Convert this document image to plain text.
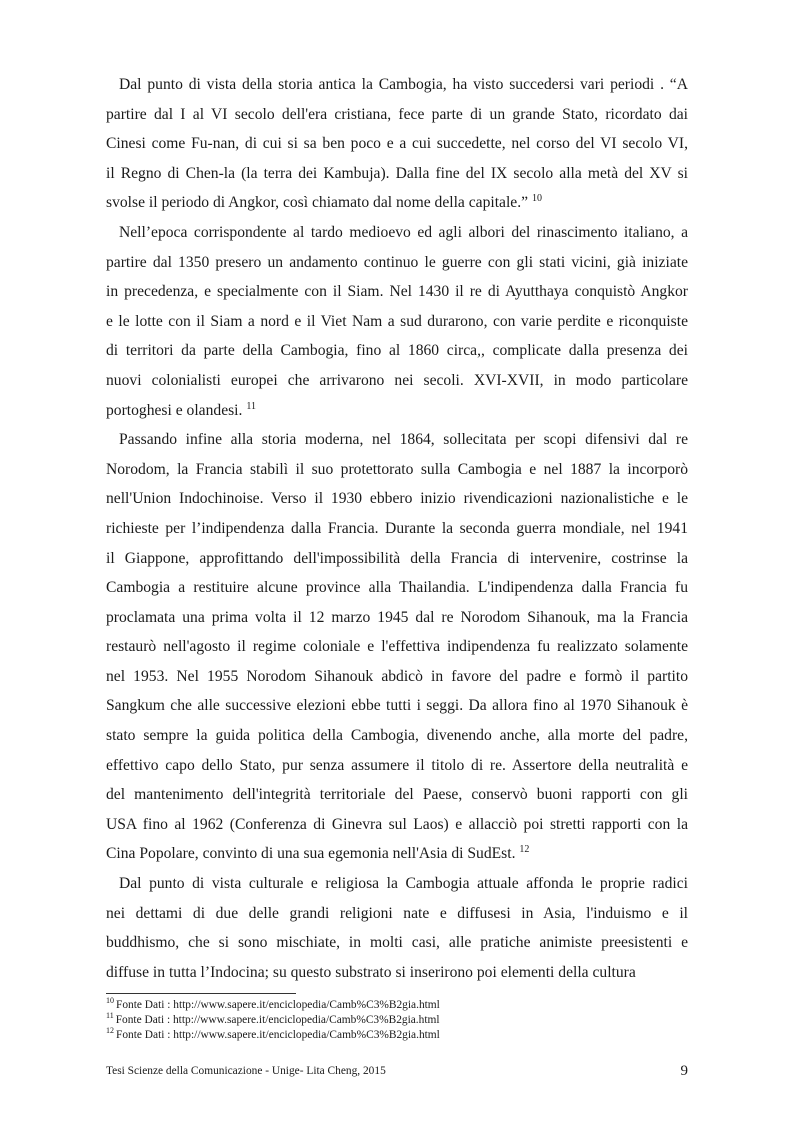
Dal punto di vista della storia antica la Cambogia, ha visto succedersi vari periodi . “A
partire dal I al VI secolo dell'era cristiana, fece parte di un grande Stato, ricordato dai
Cinesi come Fu-nan, di cui si sa ben poco e a cui succedette, nel corso del VI secolo VI,
il Regno di Chen-la (la terra dei Kambuja). Dalla fine del IX secolo alla metà del XV si
svolse il periodo di Angkor, così chiamato dal nome della capitale.” $^{10}$
Nell’epoca corrispondente al tardo medioevo ed agli albori del rinascimento italiano, a
partire dal 1350 presero un andamento continuo le guerre con gli stati vicini, già iniziate
in precedenza, e specialmente con il Siam. Nel 1430 il re di Ayutthaya conquistò Angkor
e le lotte con il Siam a nord e il Viet Nam a sud durarono, con varie perdite e riconquiste
di territori da parte della Cambogia, fino al 1860 circa,, complicate dalla presenza dei
nuovi colonialisti europei che arrivarono nei secoli. XVI-XVII, in modo particolare
portoghesi e olandesi. $^{11}$
Passando infine alla storia moderna, nel 1864, sollecitata per scopi difensivi dal re
Norodom, la Francia stabilì il suo protettorato sulla Cambogia e nel 1887 la incorporò
nell'Union Indochinoise. Verso il 1930 ebbero inizio rivendicazioni nazionalistiche e le
richieste per l’indipendenza dalla Francia. Durante la seconda guerra mondiale, nel 1941
il Giappone, approfittando dell'impossibilità della Francia di intervenire, costrinse la
Cambogia a restituire alcune province alla Thailandia. L'indipendenza dalla Francia fu
proclamata una prima volta il 12 marzo 1945 dal re Norodom Sihanouk, ma la Francia
restaurò nell'agosto il regime coloniale e l'effettiva indipendenza fu realizzato solamente
nel 1953. Nel 1955 Norodom Sihanouk abdicò in favore del padre e formò il partito
Sangkum che alle successive elezioni ebbe tutti i seggi. Da allora fino al 1970 Sihanouk è
stato sempre la guida politica della Cambogia, divenendo anche, alla morte del padre,
effettivo capo dello Stato, pur senza assumere il titolo di re. Assertore della neutralità e
del mantenimento dell'integrità territoriale del Paese, conservò buoni rapporti con gli
USA fino al 1962 (Conferenza di Ginevra sul Laos) e allacciò poi stretti rapporti con la
Cina Popolare, convinto di una sua egemonia nell'Asia di SudEst. $^{12}$
Dal punto di vista culturale e religiosa la Cambogia attuale affonda le proprie radici
nei dettami di due delle grandi religioni nate e diffusesi in Asia, l'induismo e il
buddhismo, che si sono mischiate, in molti casi, alle pratiche animiste preesistenti e
diffuse in tutta l’Indocina; su questo substrato si inserirono poi elementi della cultura
$^{10}$ Fonte Dati : http://www.sapere.it/enciclopedia/Camb%C3%B2gia.html
$^{11}$ Fonte Dati : http://www.sapere.it/enciclopedia/Camb%C3%B2gia.html
$^{12}$ Fonte Dati : http://www.sapere.it/enciclopedia/Camb%C3%B2gia.html
Tesi Scienze della Comunicazione - Unige- Lita Cheng, 2015	9
